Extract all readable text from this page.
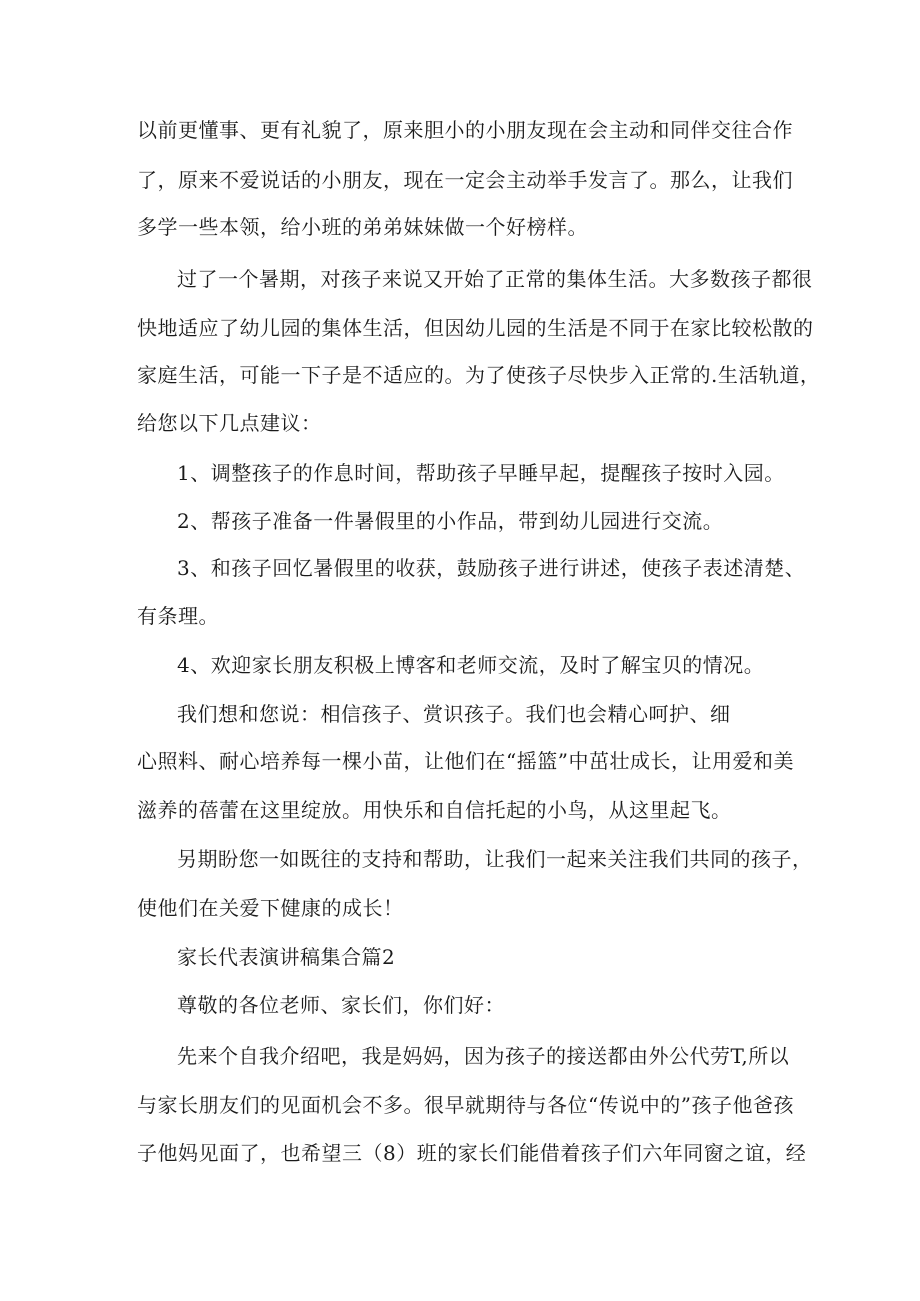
以前更懂事、更有礼貌了，原来胆小的小朋友现在会主动和同伴交往合作
了，原来不爱说话的小朋友，现在一定会主动举手发言了。那么，让我们
多学一些本领，给小班的弟弟妹妹做一个好榜样。
过了一个暑期，对孩子来说又开始了正常的集体生活。大多数孩子都很
快地适应了幼儿园的集体生活，但因幼儿园的生活是不同于在家比较松散的
家庭生活，可能一下子是不适应的。为了使孩子尽快步入正常的.生活轨道，
给您以下几点建议：
1、调整孩子的作息时间，帮助孩子早睡早起，提醒孩子按时入园。
2、帮孩子准备一件暑假里的小作品，带到幼儿园进行交流。
3、和孩子回忆暑假里的收获，鼓励孩子进行讲述，使孩子表述清楚、
有条理。
4、欢迎家长朋友积极上博客和老师交流，及时了解宝贝的情况。
我们想和您说：相信孩子、赏识孩子。我们也会精心呵护、细
心照料、耐心培养每一棵小苗，让他们在“摇篮”中茁壮成长，让用爱和美
滋养的蓓蕾在这里绽放。用快乐和自信托起的小鸟，从这里起飞。
另期盼您一如既往的支持和帮助，让我们一起来关注我们共同的孩子，
使他们在关爱下健康的成长！
家长代表演讲稿集合篇2
尊敬的各位老师、家长们，你们好：
先来个自我介绍吧，我是妈妈，因为孩子的接送都由外公代劳T,所以
与家长朋友们的见面机会不多。很早就期待与各位“传说中的”孩子他爸孩
子他妈见面了，也希望三（8）班的家长们能借着孩子们六年同窗之谊，经
